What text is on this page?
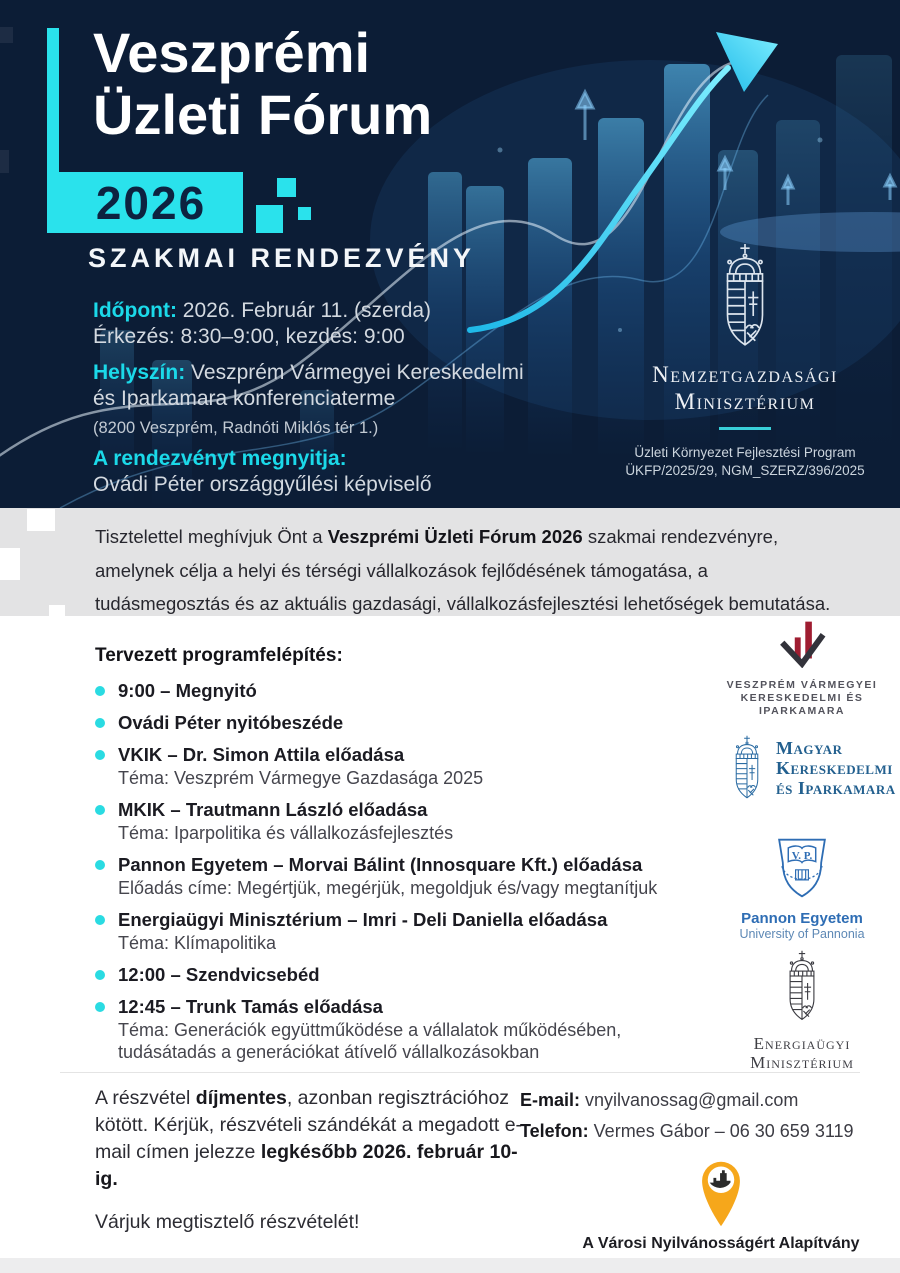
2026
Veszprémi
Üzleti Fórum
SZAKMAI RENDEZVÉNY
Időpont: 2026. Február 11. (szerda)
Érkezés: 8:30–9:00, kezdés: 9:00
Helyszín: Veszprém Vármegyei Kereskedelmi és Iparkamara konferenciaterme
(8200 Veszprém, Radnóti Miklós tér 1.)
A rendezvényt megnyitja:
Ovádi Péter országgyűlési képviselő
Nemzetgazdasági
Minisztérium
Üzleti Környezet Fejlesztési Program
ÜKFP/2025/29, NGM_SZERZ/396/2025

Tisztelettel meghívjuk Önt a Veszprémi Üzleti Fórum 2026 szakmai rendezvényre, amelynek célja a helyi és térségi vállalkozások fejlődésének támogatása, a tudásmegosztás és az aktuális gazdasági, vállalkozásfejlesztési lehetőségek bemutatása.

Tervezett programfelépítés:
9:00 – Megnyitó
Ovádi Péter nyitóbeszéde
VKIK – Dr. Simon Attila előadása
Téma: Veszprém Vármegye Gazdasága 2025
MKIK – Trautmann László előadása
Téma: Iparpolitika és vállalkozásfejlesztés
Pannon Egyetem – Morvai Bálint (Innosquare Kft.) előadása
Előadás címe: Megértjük, megérjük, megoldjuk és/vagy megtanítjuk
Energiaügyi Minisztérium – Imri - Deli Daniella előadása
Téma: Klímapolitika
12:00 – Szendvicsebéd
12:45 – Trunk Tamás előadása
Téma: Generációk együttműködése a vállalatok működésében, tudásátadás a generációkat átívelő vállalkozásokban
VESZPRÉM VÁRMEGYEI
KERESKEDELMI ÉS
IPARKAMARA
Magyar
Kereskedelmi
és Iparkamara
V. P.
Pannon Egyetem
University of Pannonia
Energiaügyi
Minisztérium

A részvétel díjmentes, azonban regisztrációhoz kötött. Kérjük, részvételi szándékát a megadott e-mail címen jelezze legkésőbb 2026. február 10-ig.

Várjuk megtisztelő részvételét!

E-mail: vnyilvanossag@gmail.com
Telefon: Vermes Gábor – 06 30 659 3119
A Városi Nyilvánosságért Alapítvány
